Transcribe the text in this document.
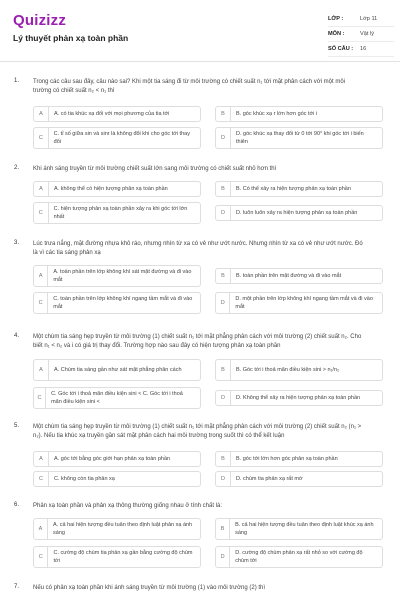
Quizizz
Lý thuyết phản xạ toàn phần
LỚP :	Lớp 11
MÔN :	Vật lý
SỐ CÂU :	16
1. Trong các câu sau đây, câu nào sai? Khi một tia sáng đi từ môi trường có chiết suất n₁ tới mặt phân cách với một môi trường có chiết suất n₂ < n₁ thì
A	A. có tia khúc xạ đối với mọi phương của tia tới	B	B. góc khúc xạ r lớn hơn góc tới i
C
C. tỉ số giữa sin và sinr là không đổi khi cho góc tới thay đổi
D
D. góc khúc xạ thay đổi từ 0 tới 90° khi góc tới i biến thiên
2. Khi ánh sáng truyền từ môi trường chiết suất lớn sang môi trường có chiết suất nhỏ hơn thì
A	A. không thể có hiện tượng phản xạ toàn phần	B	B. Có thể xảy ra hiện tượng phản xạ toàn phần
C
C. hiện tượng phản xạ toàn phần xảy ra khi góc tới lớn nhất
D	D. luôn luôn xảy ra hiện tượng phản xạ toàn phần
3. Lúc trưa nắng, mặt đường nhựa khô ráo, nhưng nhìn từ xa có vẻ như ướt nước. Nhưng nhìn từ xa có vẻ như ướt nước. Đó là vì các tia sáng phản xạ
A
A. toàn phần trên lớp không khí sát mặt đường và đi vào mắt
B	B. toàn phần trên mặt đường và đi vào mắt
C
C. toàn phần trên lớp không khí ngang tầm mắt và đi vào mắt
D
D. một phần trên lớp không khí ngang tầm mắt và đi vào mắt
4. Một chùm tia sáng hẹp truyền từ môi trường (1) chiết suất n₁ tới mặt phẳng phân cách với môi trường (2) chiết suất n₂. Cho biết n₁ < n₂ và i có giá trị thay đổi. Trường hợp nào sau đây có hiện tượng phản xạ toàn phần
A	A. Chùm tia sáng gần như sát mặt phẳng phân cách	B	B. Góc tới i thoả mãn điều kiện sini > n₁/n₂
C
C. Góc tới i thoả mãn điều kiện sini < C. Góc tới i thoả mãn điều kiện sini <
D	D. Không thể xảy ra hiện tượng phản xạ toàn phần
5. Một chùm tia sáng hẹp truyền từ môi trường (1) chiết suất n₁ tới mặt phẳng phân cách với môi trường (2) chiết suất n₂ (n₁ > n₂). Nếu tia khúc xạ truyền gần sát mặt phân cách hai môi trường trong suốt thì có thể kết luận
A	A. góc tới bằng góc giới hạn phản xạ toàn phần	B	B. góc tới lớn hơn góc phản xạ toàn phần
C	C. không còn tia phản xạ	D	D. chùm tia phản xạ rất mờ
6. Phản xạ toàn phần và phản xạ thông thường giống nhau ở tính chất là:
A
A. cả hai hiện tượng đều tuân theo định luật phản xạ ánh sáng
B
B. cả hai hiện tượng đều tuân theo định luật khúc xạ ánh sáng
C
C. cường độ chùm tia phản xạ gần bằng cường độ chùm tới
D
D. cường độ chùm phản xạ rất nhỏ so với cường độ chùm tới
7. Nếu có phản xạ toàn phần khi ánh sáng truyền từ môi trường (1) vào môi trường (2) thì
